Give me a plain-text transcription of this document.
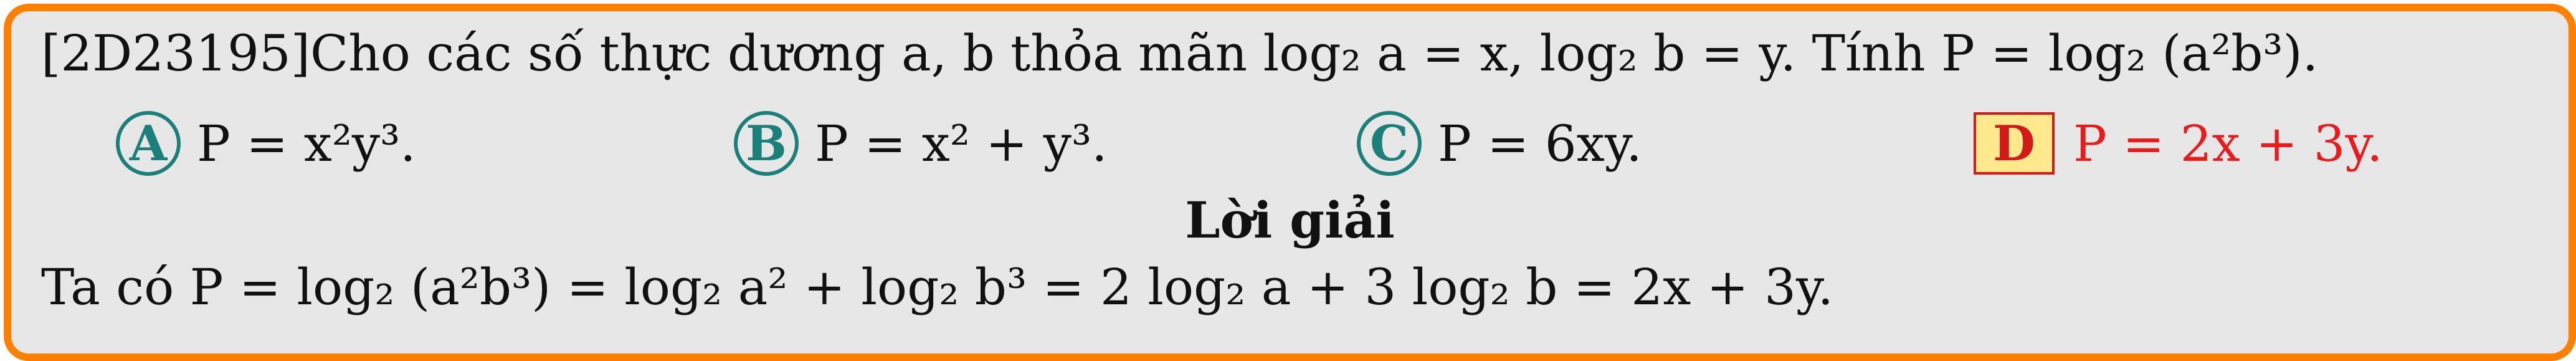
[2D23195]Cho các số thực dương a, b thỏa mãn log₂ a = x, log₂ b = y. Tính P = log₂ (a²b³).
A P = x²y³.	B P = x² + y³.	C P = 6xy.	D P = 2x + 3y.
Lời giải
Ta có P = log₂ (a²b³) = log₂ a² + log₂ b³ = 2 log₂ a + 3 log₂ b = 2x + 3y.
